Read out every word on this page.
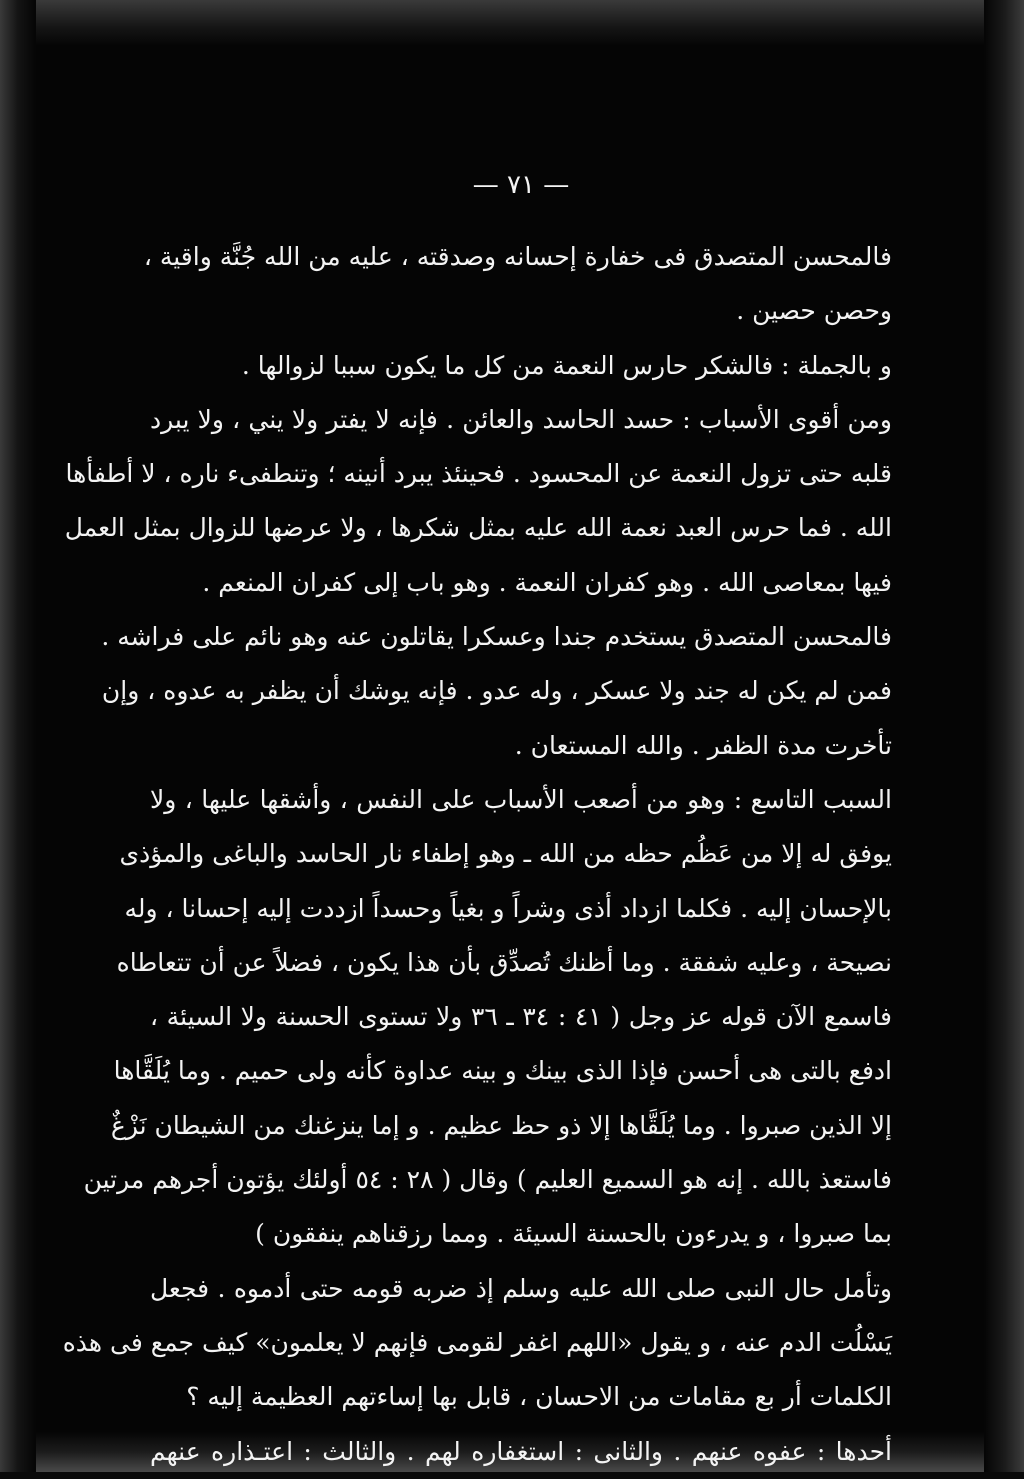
— ٧١ —
فالمحسن المتصدق فى خفارة إحسانه وصدقته ، عليه من الله جُنَّة واقية ،
وحصن حصين .
و بالجملة : فالشكر حارس النعمة من كل ما يكون سببا لزوالها .
ومن أقوى الأسباب : حسد الحاسد والعائن . فإنه لا يفتر ولا يني ، ولا يبرد
قلبه حتى تزول النعمة عن المحسود . فحينئذ يبرد أنينه ؛ وتنطفىء ناره ، لا أطفأها
الله . فما حرس العبد نعمة الله عليه بمثل شكرها ، ولا عرضها للزوال بمثل العمل
فيها بمعاصى الله . وهو كفران النعمة . وهو باب إلى كفران المنعم .
فالمحسن المتصدق يستخدم جندا وعسكرا يقاتلون عنه وهو نائم على فراشه .
فمن لم يكن له جند ولا عسكر ، وله عدو . فإنه يوشك أن يظفر به عدوه ، وإن
تأخرت مدة الظفر . والله المستعان .
السبب التاسع : وهو من أصعب الأسباب على النفس ، وأشقها عليها ، ولا
يوفق له إلا من عَظُم حظه من الله ـ وهو إطفاء نار الحاسد والباغى والمؤذى
بالإحسان إليه . فكلما ازداد أذى وشراً و بغياً وحسداً ازددت إليه إحسانا ، وله
نصيحة ، وعليه شفقة . وما أظنك تُصدِّق بأن هذا يكون ، فضلاً عن أن تتعاطاه
فاسمع الآن قوله عز وجل ( ٤١ : ٣٤ ـ ٣٦ ولا تستوى الحسنة ولا السيئة ،
ادفع بالتى هى أحسن فإذا الذى بينك و بينه عداوة كأنه ولى حميم . وما يُلَقَّاها
إلا الذين صبروا . وما يُلَقَّاها إلا ذو حظ عظيم . و إما ينزغنك من الشيطان نَزْغٌ
فاستعذ بالله . إنه هو السميع العليم ) وقال ( ٢٨ : ٥٤ أولئك يؤتون أجرهم مرتين
بما صبروا ، و يدرءون بالحسنة السيئة . ومما رزقناهم ينفقون )
وتأمل حال النبى صلى الله عليه وسلم إذ ضربه قومه حتى أدموه . فجعل
يَسْلُت الدم عنه ، و يقول «اللهم اغفر لقومى فإنهم لا يعلمون» كيف جمع فى هذه
الكلمات أر بع مقامات من الاحسان ، قابل بها إساءتهم العظيمة إليه ؟
أحدها : عفوه عنهم . والثانى : استغفاره لهم . والثالث : اعتـذاره عنهم
